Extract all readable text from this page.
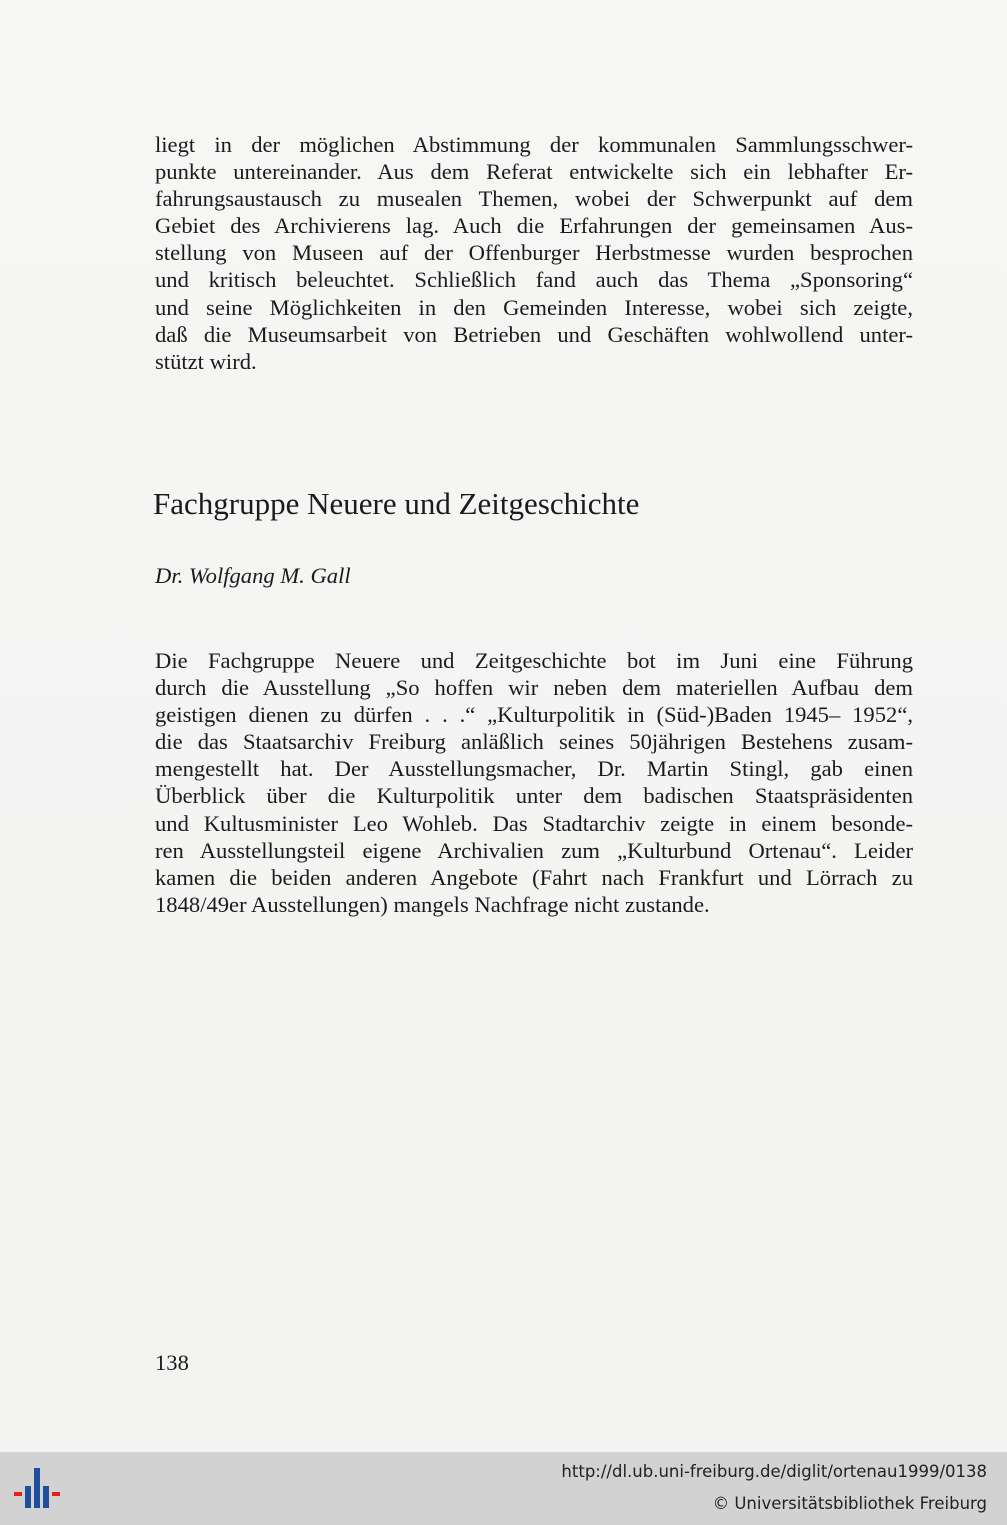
liegt in der möglichen Abstimmung der kommunalen Sammlungsschwer-
punkte untereinander. Aus dem Referat entwickelte sich ein lebhafter Er-
fahrungsaustausch zu musealen Themen, wobei der Schwerpunkt auf dem
Gebiet des Archivierens lag. Auch die Erfahrungen der gemeinsamen Aus-
stellung von Museen auf der Offenburger Herbstmesse wurden besprochen
und kritisch beleuchtet. Schließlich fand auch das Thema „Sponsoring“
und seine Möglichkeiten in den Gemeinden Interesse, wobei sich zeigte,
daß die Museumsarbeit von Betrieben und Geschäften wohlwollend unter-
stützt wird.
Fachgruppe Neuere und Zeitgeschichte

Dr. Wolfgang M. Gall

Die Fachgruppe Neuere und Zeitgeschichte bot im Juni eine Führung
durch die Ausstellung „So hoffen wir neben dem materiellen Aufbau dem
geistigen dienen zu dürfen . . .“ „Kulturpolitik in (Süd-)Baden 1945– 1952“,
die das Staatsarchiv Freiburg anläßlich seines 50jährigen Bestehens zusam-
mengestellt hat. Der Ausstellungsmacher, Dr. Martin Stingl, gab einen
Überblick über die Kulturpolitik unter dem badischen Staatspräsidenten
und Kultusminister Leo Wohleb. Das Stadtarchiv zeigte in einem besonde-
ren Ausstellungsteil eigene Archivalien zum „Kulturbund Ortenau“. Leider
kamen die beiden anderen Angebote (Fahrt nach Frankfurt und Lörrach zu
1848/49er Ausstellungen) mangels Nachfrage nicht zustande.
138
http://dl.ub.uni-freiburg.de/diglit/ortenau1999/0138
© Universitätsbibliothek Freiburg
